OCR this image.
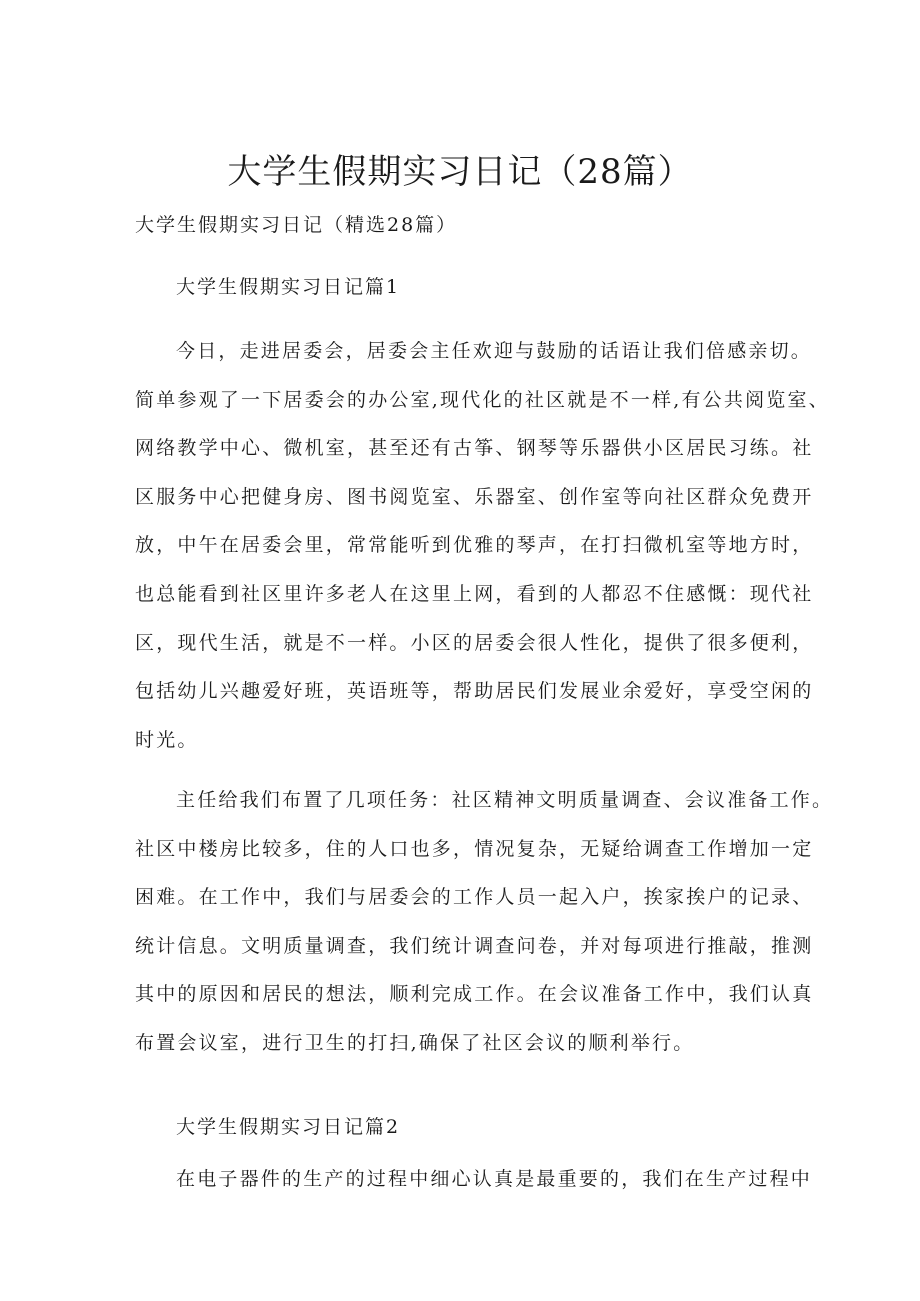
大学生假期实习日记（28篇）

大学生假期实习日记（精选28篇）

大学生假期实习日记篇1
今日，走进居委会，居委会主任欢迎与鼓励的话语让我们倍感亲切。
简单参观了一下居委会的办公室,现代化的社区就是不一样,有公共阅览室、
网络教学中心、微机室，甚至还有古筝、钢琴等乐器供小区居民习练。社
区服务中心把健身房、图书阅览室、乐器室、创作室等向社区群众免费开
放，中午在居委会里，常常能听到优雅的琴声，在打扫微机室等地方时，
也总能看到社区里许多老人在这里上网，看到的人都忍不住感慨：现代社
区，现代生活，就是不一样。小区的居委会很人性化，提供了很多便利，
包括幼儿兴趣爱好班，英语班等，帮助居民们发展业余爱好，享受空闲的
时光。
主任给我们布置了几项任务：社区精神文明质量调查、会议准备工作。
社区中楼房比较多，住的人口也多，情况复杂，无疑给调查工作增加一定
困难。在工作中，我们与居委会的工作人员一起入户，挨家挨户的记录、
统计信息。文明质量调查，我们统计调查问卷，并对每项进行推敲，推测
其中的原因和居民的想法，顺利完成工作。在会议准备工作中，我们认真
布置会议室，进行卫生的打扫,确保了社区会议的顺利举行。
大学生假期实习日记篇2
在电子器件的生产的过程中细心认真是最重要的，我们在生产过程中
